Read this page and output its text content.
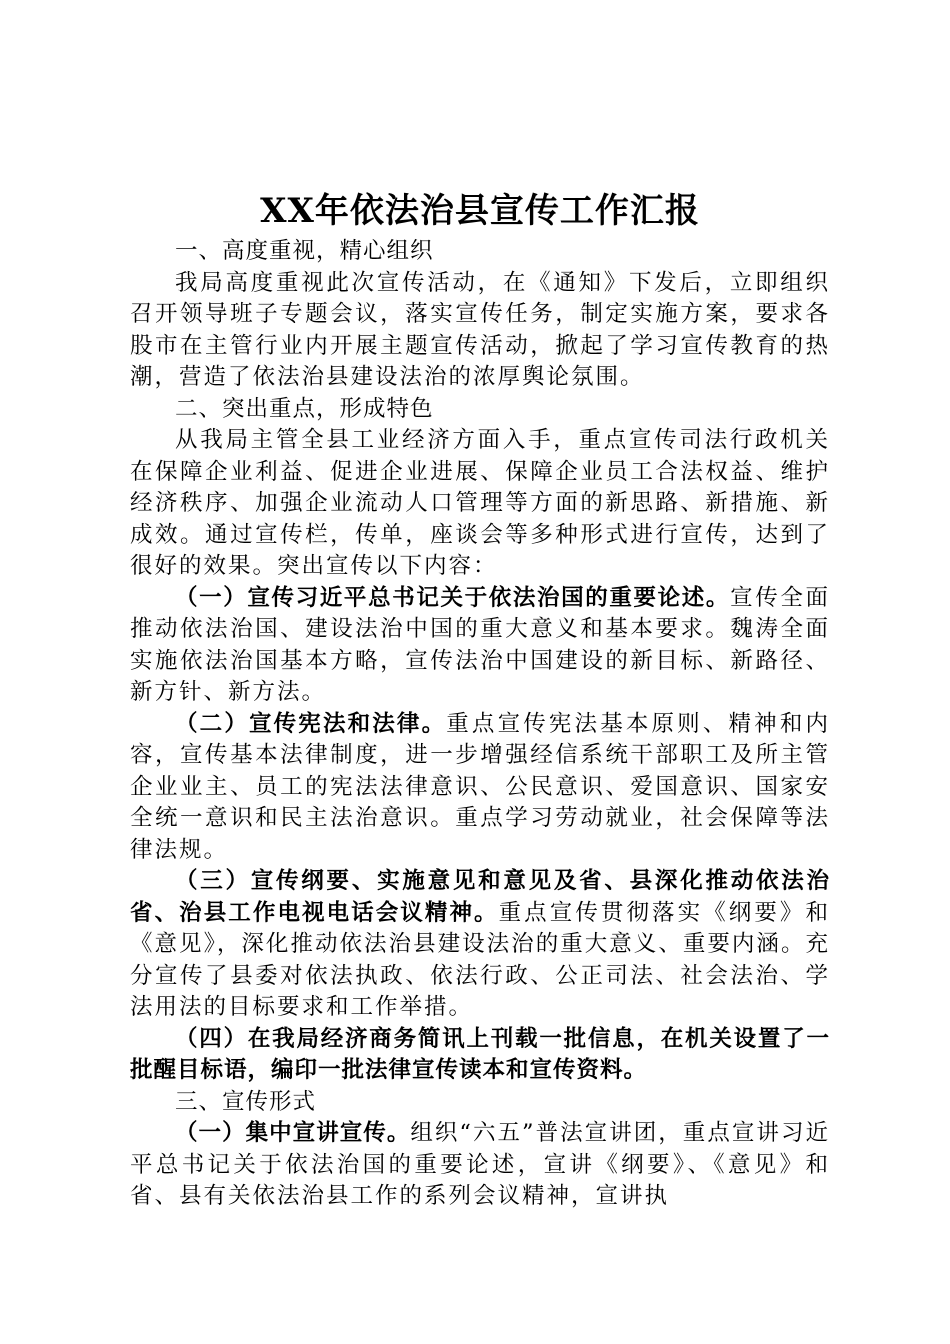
XX年依法治县宣传工作汇报

一、高度重视，精心组织

我局高度重视此次宣传活动，在《通知》下发后，立即组织召开领导班子专题会议，落实宣传任务，制定实施方案，要求各股市在主管行业内开展主题宣传活动，掀起了学习宣传教育的热潮，营造了依法治县建设法治的浓厚舆论氛围。

二、突出重点，形成特色

从我局主管全县工业经济方面入手，重点宣传司法行政机关在保障企业利益、促进企业进展、保障企业员工合法权益、维护经济秩序、加强企业流动人口管理等方面的新思路、新措施、新成效。通过宣传栏，传单，座谈会等多种形式进行宣传，达到了很好的效果。突出宣传以下内容：

（一）宣传习近平总书记关于依法治国的重要论述。宣传全面推动依法治国、建设法治中国的重大意义和基本要求。魏涛全面实施依法治国基本方略，宣传法治中国建设的新目标、新路径、新方针、新方法。

（二）宣传宪法和法律。重点宣传宪法基本原则、精神和内容，宣传基本法律制度，进一步增强经信系统干部职工及所主管企业业主、员工的宪法法律意识、公民意识、爱国意识、国家安全统一意识和民主法治意识。重点学习劳动就业，社会保障等法律法规。

（三）宣传纲要、实施意见和意见及省、县深化推动依法治省、治县工作电视电话会议精神。重点宣传贯彻落实《纲要》和《意见》，深化推动依法治县建设法治的重大意义、重要内涵。充分宣传了县委对依法执政、依法行政、公正司法、社会法治、学法用法的目标要求和工作举措。

（四）在我局经济商务简讯上刊载一批信息，在机关设置了一批醒目标语，编印一批法律宣传读本和宣传资料。

三、宣传形式

（一）集中宣讲宣传。组织“六五”普法宣讲团，重点宣讲习近平总书记关于依法治国的重要论述，宣讲《纲要》、《意见》和省、县有关依法治县工作的系列会议精神，宣讲执
